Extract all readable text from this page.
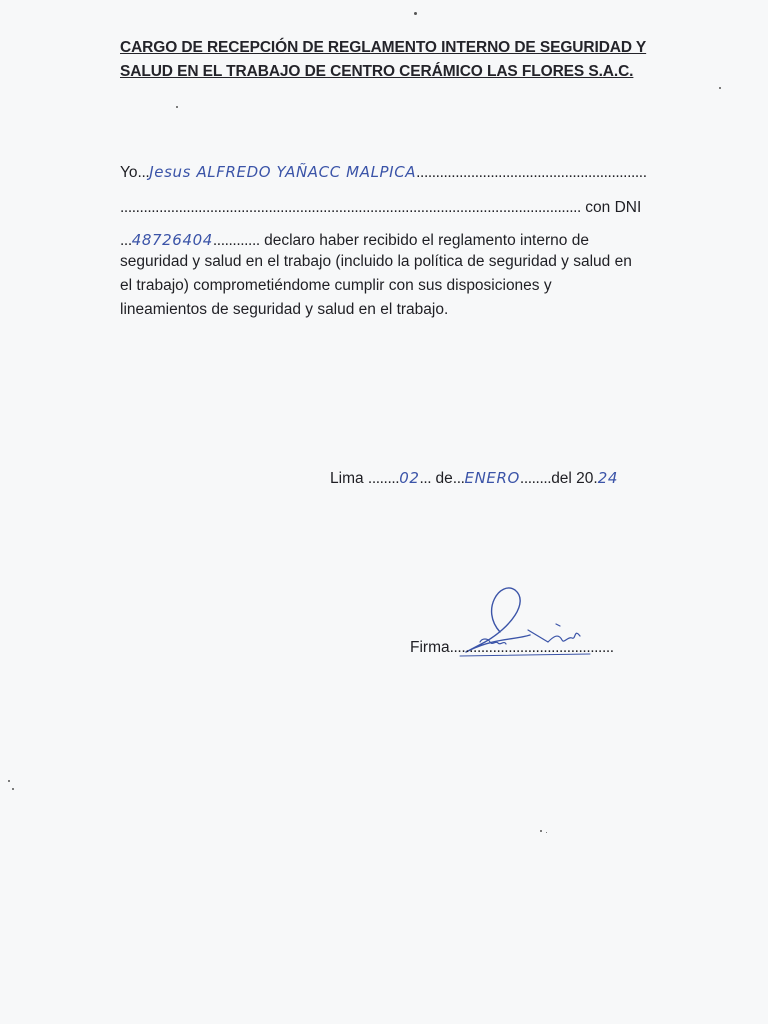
CARGO DE RECEPCIÓN DE REGLAMENTO INTERNO DE SEGURIDAD Y
SALUD EN EL TRABAJO DE CENTRO CERÁMICO LAS FLORES S.A.C.
Yo...Jesus ALFREDO YAÑACC MALPICA...........................................................
...................................................................................................................... con DNI
...48726404............ declaro haber recibido el reglamento interno de

seguridad y salud en el trabajo (incluido la política de seguridad y salud en

el trabajo) comprometiéndome cumplir con sus disposiciones y

lineamientos de seguridad y salud en el trabajo.

Lima ........02... de...ENERO........del 20.24
Firma..........................................
